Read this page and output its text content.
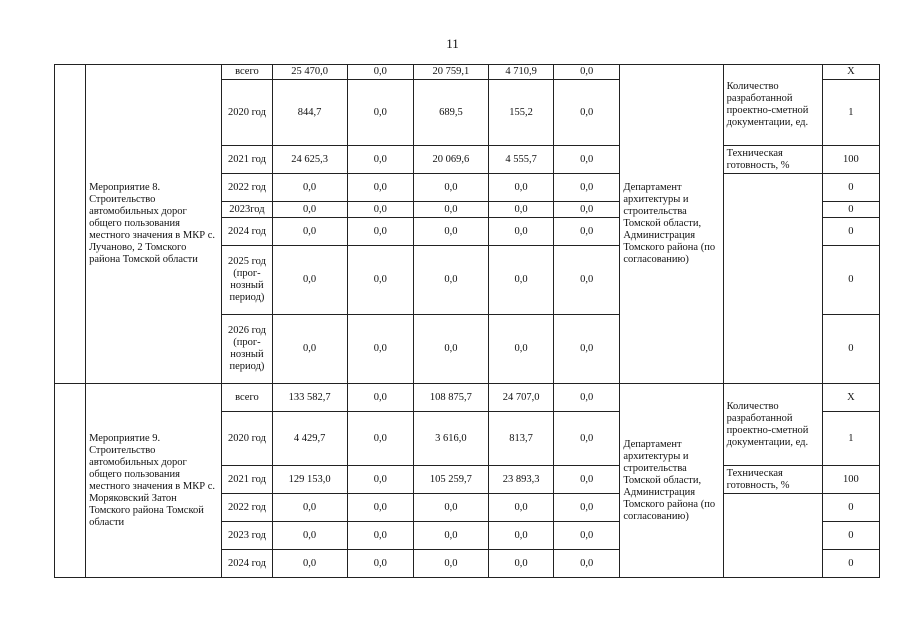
11
	Мероприятие 8. Строительство автомобильных дорог общего пользования местного значения в МКР с. Лучаново, 2 Томского района Томской области	всего	25 470,0	0,0	20 759,1	4 710,9	0,0	Департамент архитектуры и строительства Томской области, Администрация Томского района (по согласованию)	Количество разработанной проектно-сметной документации, ед.	Х
		2020 год	844,7	0,0	689,5	155,2	0,0			1
		2021 год	24 625,3	0,0	20 069,6	4 555,7	0,0		Техническая готовность, %	100
		2022 год	0,0	0,0	0,0	0,0	0,0			0
		2023год	0,0	0,0	0,0	0,0	0,0			0
		2024 год	0,0	0,0	0,0	0,0	0,0			0
		2025 год (прог-нозный период)	0,0	0,0	0,0	0,0	0,0			0
		2026 год (прог-нозный период)	0,0	0,0	0,0	0,0	0,0			0
	Мероприятие 9. Строительство автомобильных дорог общего пользования местного значения в МКР с. Моряковский Затон Томского района Томской области	всего	133 582,7	0,0	108 875,7	24 707,0	0,0	Департамент архитектуры и строительства Томской области, Администрация Томского района (по согласованию)	Количество разработанной проектно-сметной документации, ед.	Х
		2020 год	4 429,7	0,0	3 616,0	813,7	0,0			1
		2021 год	129 153,0	0,0	105 259,7	23 893,3	0,0		Техническая готовность, %	100
		2022 год	0,0	0,0	0,0	0,0	0,0			0
		2023 год	0,0	0,0	0,0	0,0	0,0			0
		2024 год	0,0	0,0	0,0	0,0	0,0			0
